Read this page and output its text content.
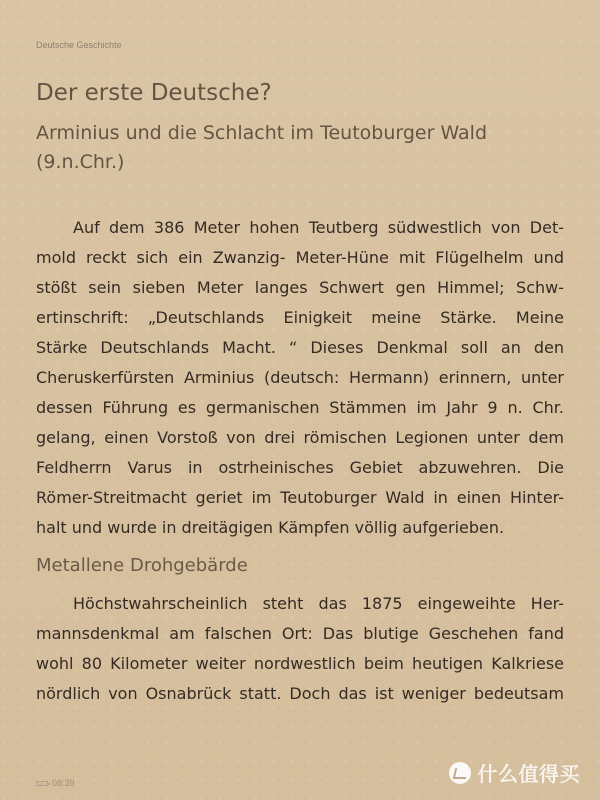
Deutsche Geschichte
Der erste Deutsche?
Arminius und die Schlacht im Teutoburger Wald
(9.n.Chr.)

Auf dem 386 Meter hohen Teutberg südwestlich von Det-
mold reckt sich ein Zwanzig- Meter-Hüne mit Flügelhelm und
stößt sein sieben Meter langes Schwert gen Himmel; Schw-
ertinschrift: „Deutschlands Einigkeit meine Stärke. Meine
Stärke Deutschlands Macht. “ Dieses Denkmal soll an den
Cheruskerfürsten Arminius (deutsch: Hermann) erinnern, unter
dessen Führung es germanischen Stämmen im Jahr 9 n. Chr.
gelang, einen Vorstoß von drei römischen Legionen unter dem
Feldherrn Varus in ostrheinisches Gebiet abzuwehren. Die
Römer-Streitmacht geriet im Teutoburger Wald in einen Hinter-
halt und wurde in dreitägigen Kämpfen völlig aufgerieben.

Metallene Drohgebärde

Höchstwahrscheinlich steht das 1875 eingeweihte Her-
mannsdenkmal am falschen Ort: Das blutige Geschehen fand
wohl 80 Kilometer weiter nordwestlich beim heutigen Kalkriese
nördlich von Osnabrück statt. Doch das ist weniger bedeutsam

08:39	什么值得买
